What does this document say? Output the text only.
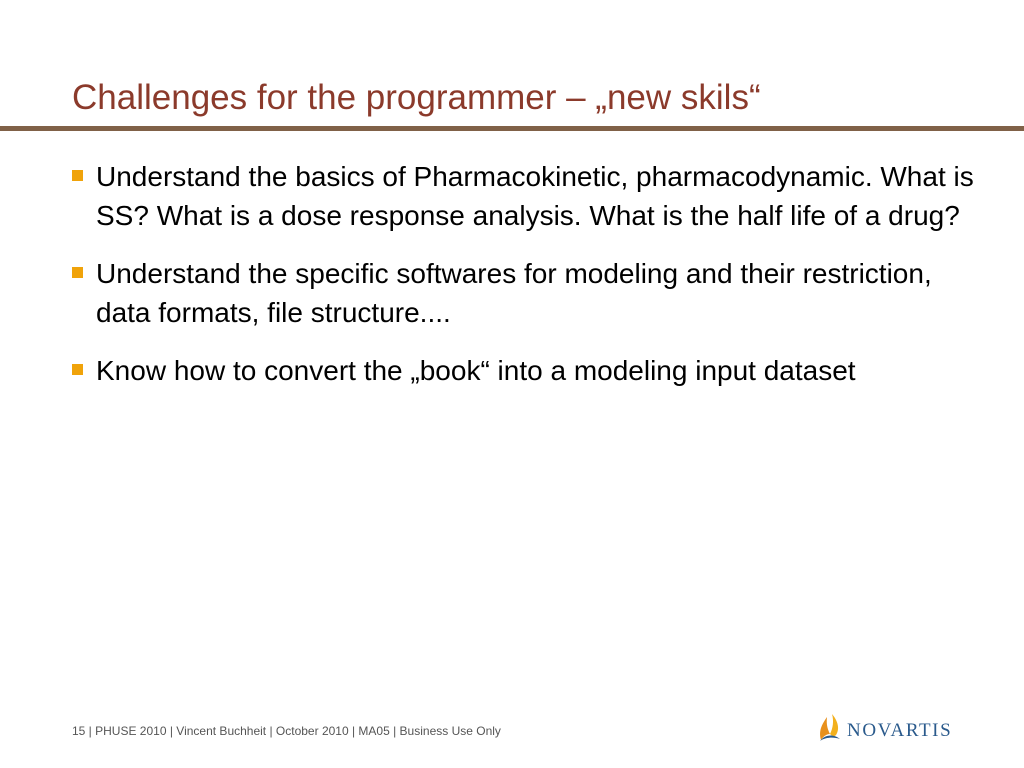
Challenges for the programmer – „new skils“
Understand the basics of Pharmacokinetic, pharmacodynamic. What is SS? What is a dose response analysis. What is the half life of a drug?
Understand the specific softwares for modeling and their restriction, data formats, file structure....
Know how to convert the „book“ into a modeling input dataset
15 | PHUSE 2010 | Vincent Buchheit | October 2010 | MA05 | Business Use Only	NOVARTIS
